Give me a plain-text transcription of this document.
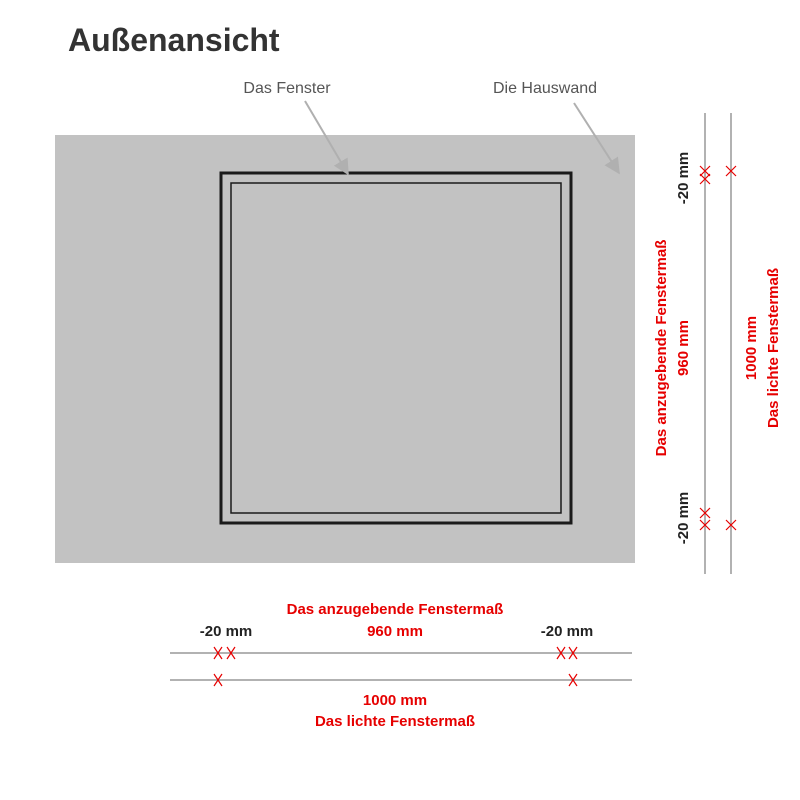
Außenansicht
Das Fenster	Die Hauswand
-20 mm
-20 mm
Das anzugebende Fenstermaß 960 mm	1000 mm Das lichte Fenstermaß
Das anzugebende Fenstermaß
-20 mm	960 mm	-20 mm
1000 mm
Das lichte Fenstermaß
